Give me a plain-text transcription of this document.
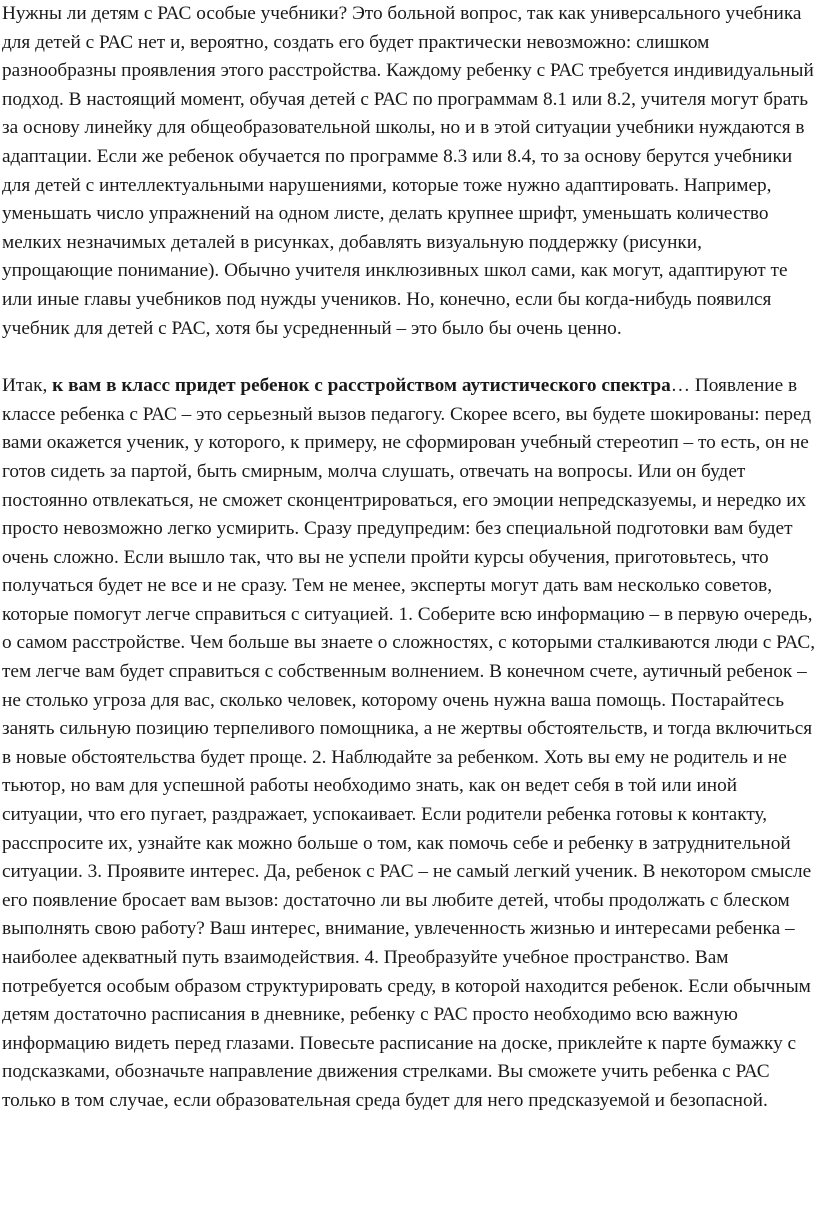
Нужны ли детям с РАС особые учебники? Это больной вопрос, так как универсального учебника для детей с РАС нет и, вероятно, создать его будет практически невозможно: слишком разнообразны проявления этого расстройства. Каждому ребенку с РАС требуется индивидуальный подход. В настоящий момент, обучая детей с РАС по программам 8.1 или 8.2, учителя могут брать за основу линейку для общеобразовательной школы, но и в этой ситуации учебники нуждаются в адаптации. Если же ребенок обучается по программе 8.3 или 8.4, то за основу берутся учебники для детей с интеллектуальными нарушениями, которые тоже нужно адаптировать. Например, уменьшать число упражнений на одном листе, делать крупнее шрифт, уменьшать количество мелких незначимых деталей в рисунках, добавлять визуальную поддержку (рисунки, упрощающие понимание). Обычно учителя инклюзивных школ сами, как могут, адаптируют те или иные главы учебников под нужды учеников. Но, конечно, если бы когда-нибудь появился учебник для детей с РАС, хотя бы усредненный – это было бы очень ценно.

Итак, к вам в класс придет ребенок с расстройством аутистического спектра… Появление в классе ребенка с РАС – это серьезный вызов педагогу. Скорее всего, вы будете шокированы: перед вами окажется ученик, у которого, к примеру, не сформирован учебный стереотип – то есть, он не готов сидеть за партой, быть смирным, молча слушать, отвечать на вопросы. Или он будет постоянно отвлекаться, не сможет сконцентрироваться, его эмоции непредсказуемы, и нередко их просто невозможно легко усмирить. Сразу предупредим: без специальной подготовки вам будет очень сложно. Если вышло так, что вы не успели пройти курсы обучения, приготовьтесь, что получаться будет не все и не сразу. Тем не менее, эксперты могут дать вам несколько советов, которые помогут легче справиться с ситуацией. 1. Соберите всю информацию – в первую очередь, о самом расстройстве. Чем больше вы знаете о сложностях, с которыми сталкиваются люди с РАС, тем легче вам будет справиться с собственным волнением. В конечном счете, аутичный ребенок – не столько угроза для вас, сколько человек, которому очень нужна ваша помощь. Постарайтесь занять сильную позицию терпеливого помощника, а не жертвы обстоятельств, и тогда включиться в новые обстоятельства будет проще. 2. Наблюдайте за ребенком. Хоть вы ему не родитель и не тьютор, но вам для успешной работы необходимо знать, как он ведет себя в той или иной ситуации, что его пугает, раздражает, успокаивает. Если родители ребенка готовы к контакту, расспросите их, узнайте как можно больше о том, как помочь себе и ребенку в затруднительной ситуации. 3. Проявите интерес. Да, ребенок с РАС – не самый легкий ученик. В некотором смысле его появление бросает вам вызов: достаточно ли вы любите детей, чтобы продолжать с блеском выполнять свою работу? Ваш интерес, внимание, увлеченность жизнью и интересами ребенка – наиболее адекватный путь взаимодействия. 4. Преобразуйте учебное пространство. Вам потребуется особым образом структурировать среду, в которой находится ребенок. Если обычным детям достаточно расписания в дневнике, ребенку с РАС просто необходимо всю важную информацию видеть перед глазами. Повесьте расписание на доске, приклейте к парте бумажку с подсказками, обозначьте направление движения стрелками. Вы сможете учить ребенка с РАС только в том случае, если образовательная среда будет для него предсказуемой и безопасной.
